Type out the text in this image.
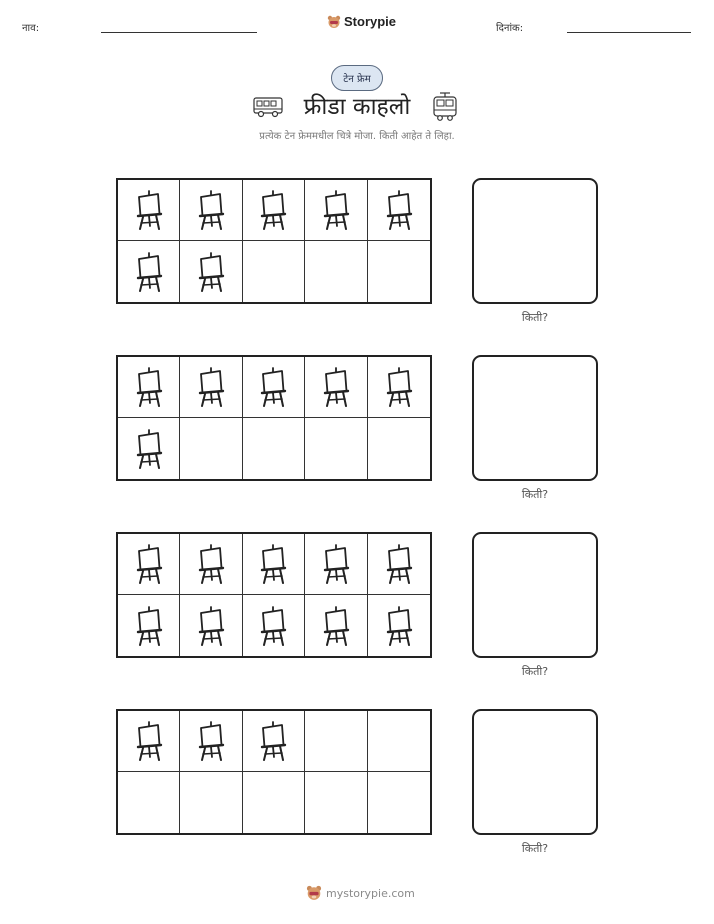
नाव:	Storypie	दिनांक:
टेन फ्रेम
फ्रीडा काहलो
प्रत्येक टेन फ्रेममधील चित्रे मोजा. किती आहेत ते लिहा.
किती?
किती?
किती?
किती?
mystorypie.com
